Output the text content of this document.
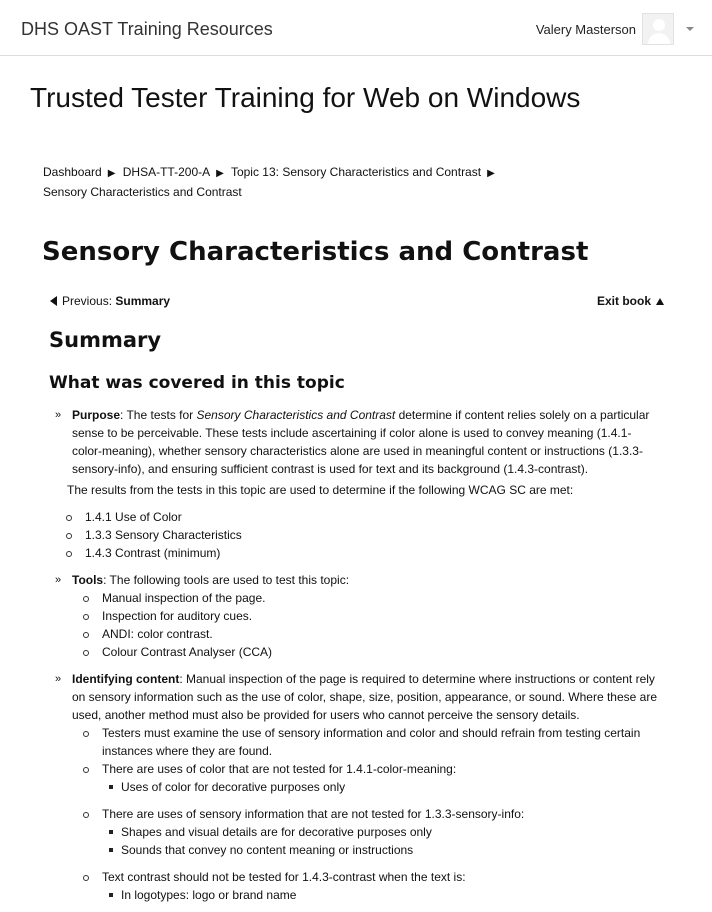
DHS OAST Training Resources	Valery Masterson
Trusted Tester Training for Web on Windows
Dashboard ▶ DHSA-TT-200-A ▶ Topic 13: Sensory Characteristics and Contrast ▶
Sensory Characteristics and Contrast
Sensory Characteristics and Contrast
Previous: Summary	Exit book
Summary
What was covered in this topic
» Purpose: The tests for Sensory Characteristics and Contrast determine if content relies solely on a particular sense to be perceivable. These tests include ascertaining if color alone is used to convey meaning (1.4.1-color-meaning), whether sensory characteristics alone are used in meaningful content or instructions (1.3.3-sensory-info), and ensuring sufficient contrast is used for text and its background (1.4.3-contrast).

The results from the tests in this topic are used to determine if the following WCAG SC are met:

1.4.1 Use of Color
1.3.3 Sensory Characteristics
1.4.3 Contrast (minimum)
» Tools: The following tools are used to test this topic:

Manual inspection of the page.
Inspection for auditory cues.
ANDI: color contrast.
Colour Contrast Analyser (CCA)
» Identifying content: Manual inspection of the page is required to determine where instructions or content rely on sensory information such as the use of color, shape, size, position, appearance, or sound. Where these are used, another method must also be provided for users who cannot perceive the sensory details.

Testers must examine the use of sensory information and color and should refrain from testing certain instances where they are found.
There are uses of color that are not tested for 1.4.1-color-meaning:
Uses of color for decorative purposes only
There are uses of sensory information that are not tested for 1.3.3-sensory-info:
Shapes and visual details are for decorative purposes only
Sounds that convey no content meaning or instructions
Text contrast should not be tested for 1.4.3-contrast when the text is:
In logotypes: logo or brand name
